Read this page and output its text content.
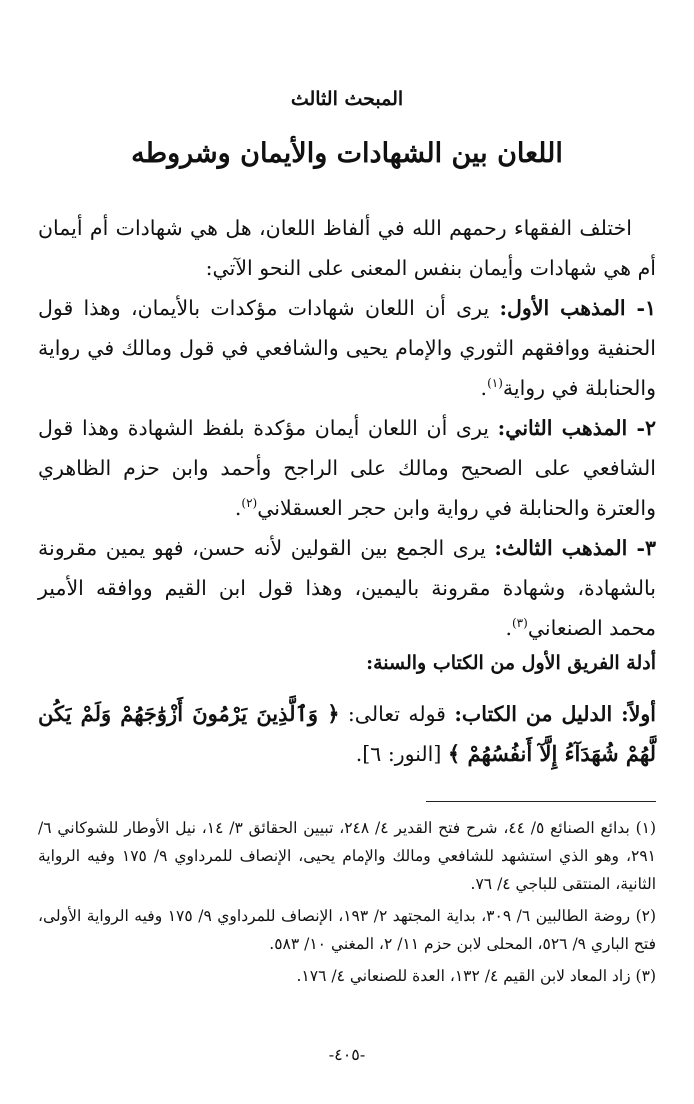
المبحث الثالث
اللعان بين الشهادات والأيمان وشروطه

اختلف الفقهاء رحمهم الله في ألفاظ اللعان، هل هي شهادات أم أيمان أم هي شهادات وأيمان بنفس المعنى على النحو الآتي:

١- المذهب الأول: يرى أن اللعان شهادات مؤكدات بالأيمان، وهذا قول الحنفية ووافقهم الثوري والإمام يحيى والشافعي في قول ومالك في رواية والحنابلة في رواية$^{(١)}$.

٢- المذهب الثاني: يرى أن اللعان أيمان مؤكدة بلفظ الشهادة وهذا قول الشافعي على الصحيح ومالك على الراجح وأحمد وابن حزم الظاهري والعترة والحنابلة في رواية وابن حجر العسقلاني$^{(٢)}$.

٣- المذهب الثالث: يرى الجمع بين القولين لأنه حسن، فهو يمين مقرونة بالشهادة، وشهادة مقرونة باليمين، وهذا قول ابن القيم ووافقه الأمير محمد الصنعاني$^{(٣)}$.

أدلة الفريق الأول من الكتاب والسنة:

أولاً: الدليل من الكتاب: قوله تعالى: ﴿ وَٱلَّذِينَ يَرْمُونَ أَزْوَٰجَهُمْ وَلَمْ يَكُن لَّهُمْ شُهَدَآءُ إِلَّآ أَنفُسُهُمْ ﴾ [النور: ٦].

(١) بدائع الصنائع ٥/ ٤٤، شرح فتح القدير ٤/ ٢٤٨، تبيين الحقائق ٣/ ١٤، نيل الأوطار للشوكاني ٦/ ٢٩١، وهو الذي استشهد للشافعي ومالك والإمام يحيى، الإنصاف للمرداوي ٩/ ١٧٥ وفيه الرواية الثانية، المنتقى للباجي ٤/ ٧٦.

(٢) روضة الطالبين ٦/ ٣٠٩، بداية المجتهد ٢/ ١٩٣، الإنصاف للمرداوي ٩/ ١٧٥ وفيه الرواية الأولى، فتح الباري ٩/ ٥٢٦، المحلى لابن حزم ١١/ ٢، المغني ١٠/ ٥٨٣.

(٣) زاد المعاد لابن القيم ٤/ ١٣٢، العدة للصنعاني ٤/ ١٧٦.

-٤٠٥-
